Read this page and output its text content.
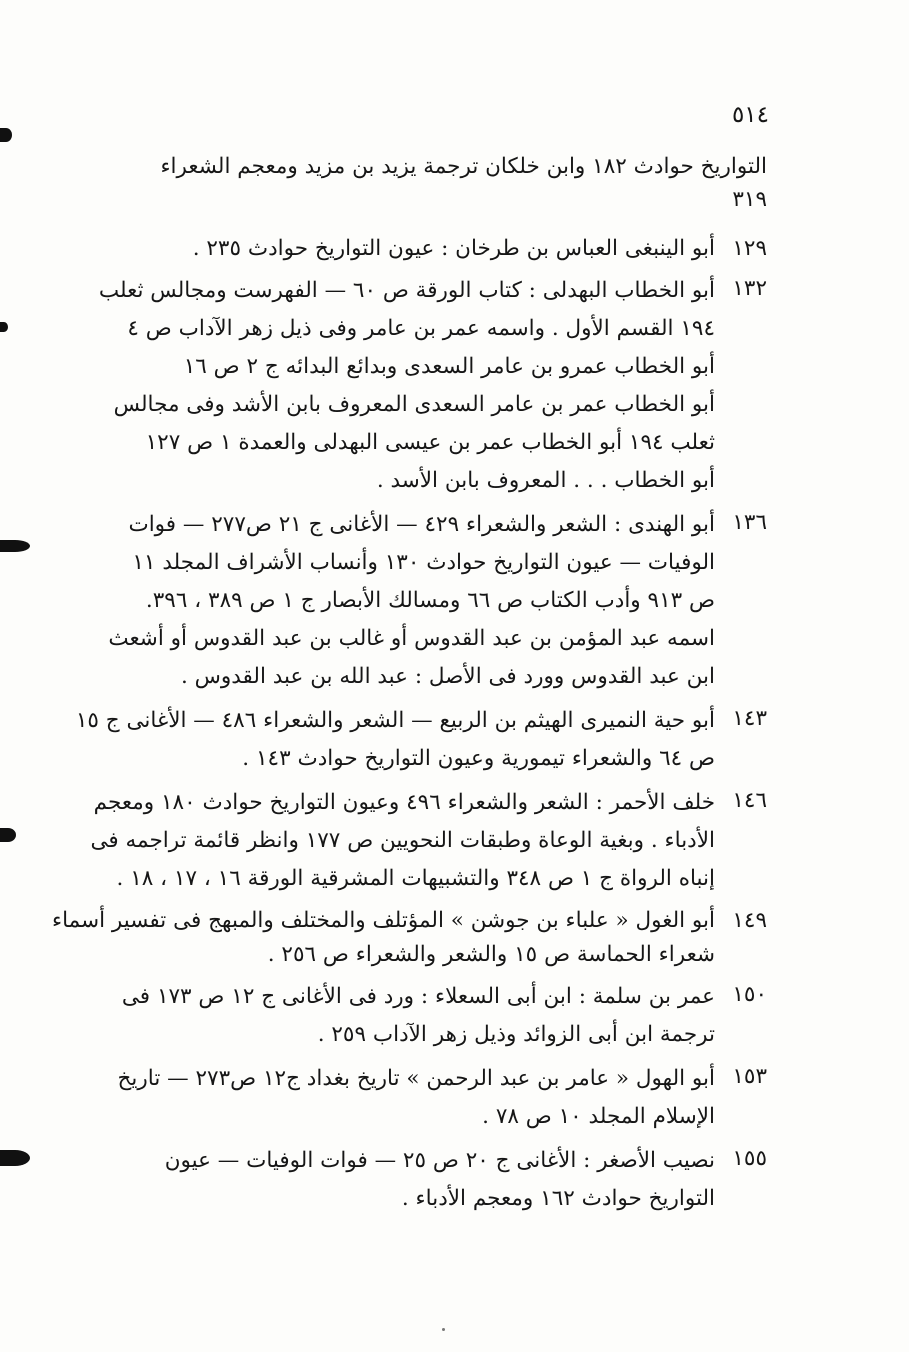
٥١٤
التواريخ حوادث ١٨٢ وابن خلكان ترجمة يزيد بن مزيد ومعجم الشعراء
٣١٩
١٢٩
أبو الينبغى العباس بن طرخان : عيون التواريخ حوادث ٢٣٥ .
١٣٢
أبو الخطاب البهدلى : كتاب الورقة ص ٦٠ — الفهرست ومجالس ثعلب
١٩٤ القسم الأول . واسمه عمر بن عامر وفى ذيل زهر الآداب ص ٤
أبو الخطاب عمرو بن عامر السعدى وبدائع البدائه ج ٢ ص ١٦
أبو الخطاب عمر بن عامر السعدى المعروف بابن الأشد وفى مجالس
ثعلب ١٩٤ أبو الخطاب عمر بن عيسى البهدلى والعمدة ١ ص ١٢٧
أبو الخطاب . . . المعروف بابن الأسد .
١٣٦
أبو الهندى : الشعر والشعراء ٤٢٩ — الأغانى ج ٢١ ص٢٧٧ — فوات
الوفيات — عيون التواريخ حوادث ١٣٠ وأنساب الأشراف المجلد ١١
ص ٩١٣ وأدب الكتاب ص ٦٦ ومسالك الأبصار ج ١ ص ٣٨٩ ، ٣٩٦.
اسمه عبد المؤمن بن عبد القدوس أو غالب بن عبد القدوس أو أشعث
ابن عبد القدوس وورد فى الأصل : عبد الله بن عبد القدوس .
١٤٣
أبو حية النميرى الهيثم بن الربيع — الشعر والشعراء ٤٨٦ — الأغانى ج ١٥
ص ٦٤ والشعراء تيمورية وعيون التواريخ حوادث ١٤٣ .
١٤٦
خلف الأحمر : الشعر والشعراء ٤٩٦ وعيون التواريخ حوادث ١٨٠ ومعجم
الأدباء . وبغية الوعاة وطبقات النحويين ص ١٧٧ وانظر قائمة تراجمه فى
إنباه الرواة ج ١ ص ٣٤٨ والتشبيهات المشرقية الورقة ١٦ ، ١٧ ، ١٨ .
١٤٩
أبو الغول « علباء بن جوشن » المؤتلف والمختلف والمبهج فى تفسير أسماء
شعراء الحماسة ص ١٥ والشعر والشعراء ص ٢٥٦ .
١٥٠
عمر بن سلمة : ابن أبى السعلاء : ورد فى الأغانى ج ١٢ ص ١٧٣ فى
ترجمة ابن أبى الزوائد وذيل زهر الآداب ٢٥٩ .
١٥٣
أبو الهول « عامر بن عبد الرحمن » تاريخ بغداد ج١٢ ص٢٧٣ — تاريخ
الإسلام المجلد ١٠ ص ٧٨ .
١٥٥
نصيب الأصغر : الأغانى ج ٢٠ ص ٢٥ — فوات الوفيات — عيون
التواريخ حوادث ١٦٢ ومعجم الأدباء .
